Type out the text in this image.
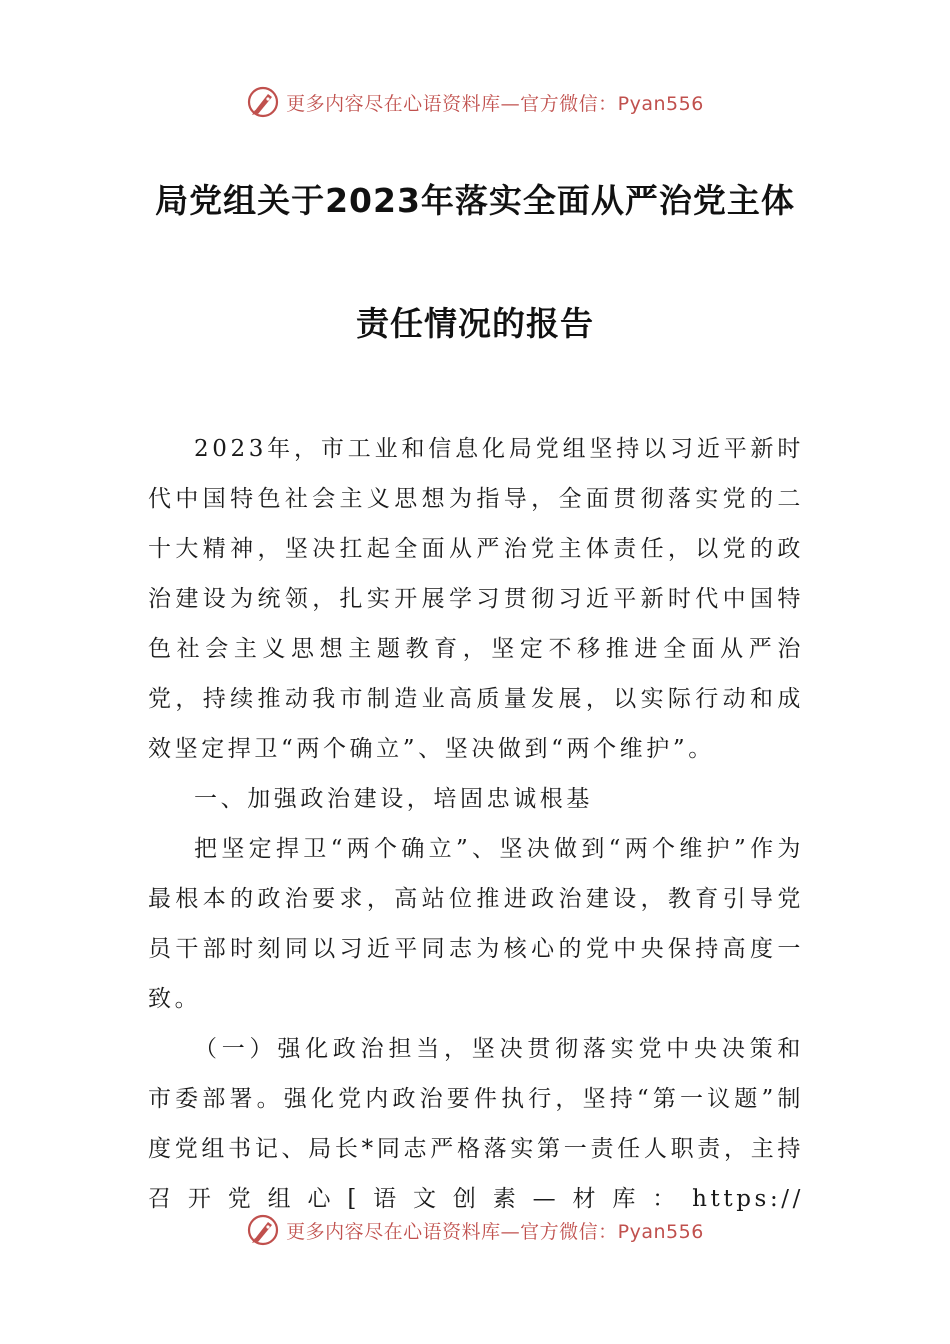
更多内容尽在心语资料库—官方微信：Pyan556
局党组关于2023年落实全面从严治党主体
责任情况的报告

2023年，市工业和信息化局党组坚持以习近平新时代中国特色社会主义思想为指导，全面贯彻落实党的二十大精神，坚决扛起全面从严治党主体责任，以党的政治建设为统领，扎实开展学习贯彻习近平新时代中国特色社会主义思想主题教育，坚定不移推进全面从严治党，持续推动我市制造业高质量发展，以实际行动和成效坚定捍卫“两个确立”、坚决做到“两个维护”。

一、加强政治建设，培固忠诚根基

把坚定捍卫“两个确立”、坚决做到“两个维护”作为最根本的政治要求，高站位推进政治建设，教育引导党员干部时刻同以习近平同志为核心的党中央保持高度一致。

（一）强化政治担当，坚决贯彻落实党中央决策和市委部署。强化党内政治要件执行，坚持“第一议题”制度党组书记、局长*同志严格落实第一责任人职责，主持召开党组心[语文创素—材库：https://

更多内容尽在心语资料库—官方微信：Pyan556
